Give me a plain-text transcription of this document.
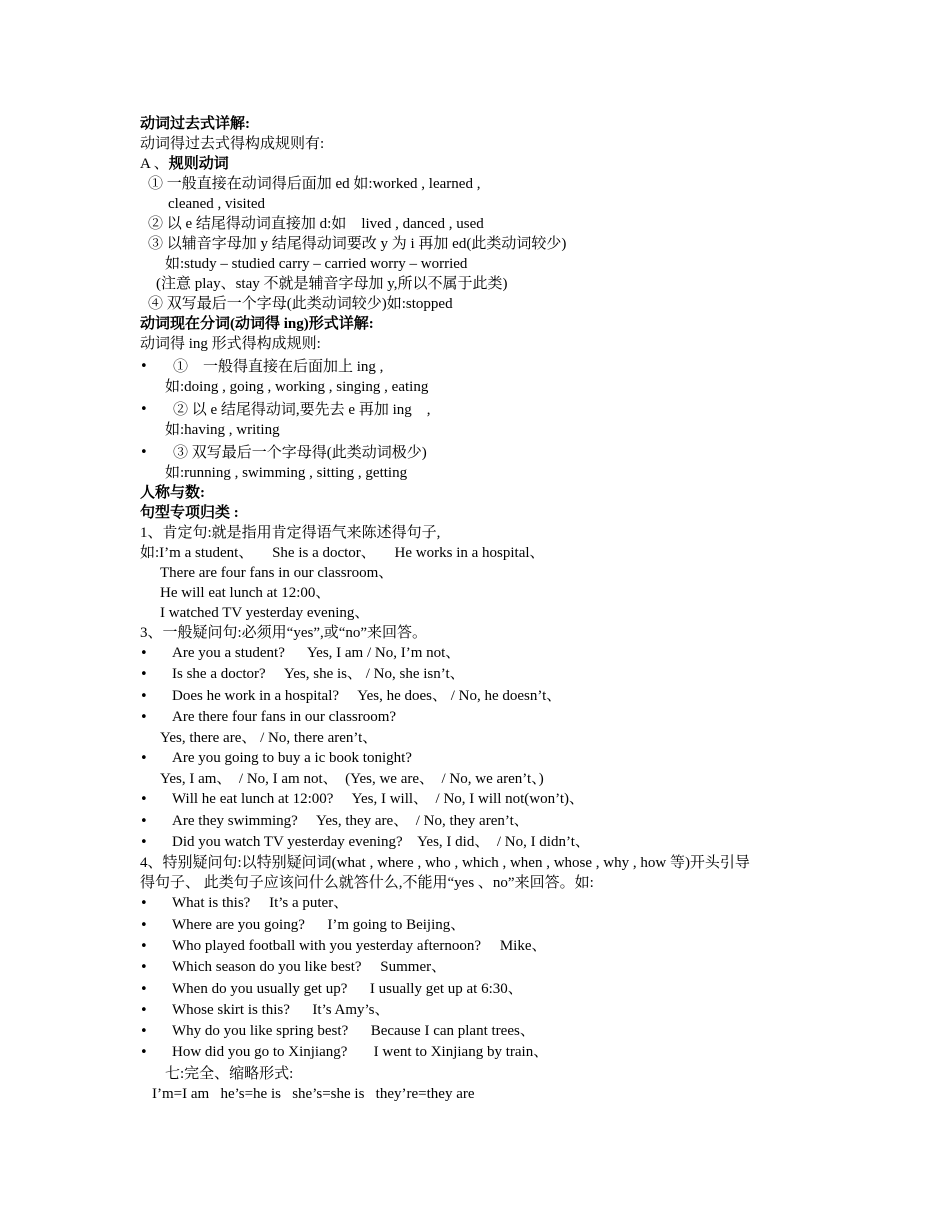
动词过去式详解:
动词得过去式得构成规则有:
A 、规则动词
① 一般直接在动词得后面加 ed 如:worked , learned ,
cleaned , visited
② 以 e 结尾得动词直接加 d:如    lived , danced , used
③ 以辅音字母加 y 结尾得动词要改 y 为 i 再加 ed(此类动词较少)
如:study – studied carry – carried worry – worried
(注意 play、stay 不就是辅音字母加 y,所以不属于此类)
④ 双写最后一个字母(此类动词较少)如:stopped
动词现在分词(动词得 ing)形式详解:
动词得 ing 形式得构成规则:
•	①    一般得直接在后面加上 ing ,
如:doing , going , working , singing , eating
•	② 以 e 结尾得动词,要先去 e 再加 ing    ,
如:having , writing
•	③ 双写最后一个字母得(此类动词极少)
如:running , swimming , sitting , getting
人称与数:
句型专项归类 :
1、肯定句:就是指用肯定得语气来陈述得句子,
如:I’m a student、     She is a doctor、     He works in a hospital、
There are four fans in our classroom、
He will eat lunch at 12:00、
I watched TV yesterday evening、
3、一般疑问句:必须用“yes”,或“no”来回答。
• Are you a student?      Yes, I am / No, I’m not、
• Is she a doctor?     Yes, she is、 / No, she isn’t、
• Does he work in a hospital?     Yes, he does、 / No, he doesn’t、
• Are there four fans in our classroom?
Yes, there are、 / No, there aren’t、
• Are you going to buy a ic book tonight?
Yes, I am、  / No, I am not、  (Yes, we are、  / No, we aren’t、)
• Will he eat lunch at 12:00?     Yes, I will、  / No, I will not(won’t)、
• Are they swimming?     Yes, they are、  / No, they aren’t、
• Did you watch TV yesterday evening?    Yes, I did、  / No, I didn’t、
4、特别疑问句:以特别疑问词(what , where , who , which , when , whose , why , how 等)开头引导
得句子、 此类句子应该问什么就答什么,不能用“yes 、no”来回答。如:
• What is this?     It’s a puter、
• Where are you going?      I’m going to Beijing、
• Who played football with you yesterday afternoon?     Mike、
• Which season do you like best?     Summer、
• When do you usually get up?      I usually get up at 6:30、
• Whose skirt is this?      It’s Amy’s、
• Why do you like spring best?      Because I can plant trees、
• How did you go to Xinjiang?       I went to Xinjiang by train、
七:完全、缩略形式:
I’m=I am   he’s=he is   she’s=she is   they’re=they are
